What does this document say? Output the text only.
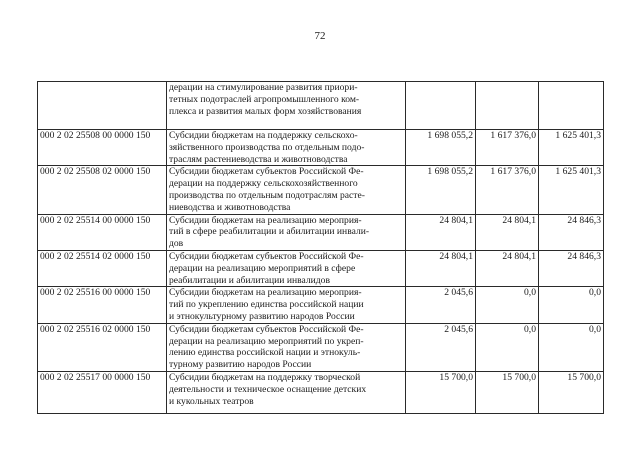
72
	дерации на стимулирование развития приори-
тетных подотраслей агропромышленного ком-
плекса и развития малых форм хозяйствования			
000 2 02 25508 00 0000 150	Субсидии бюджетам на поддержку сельскохо-
зяйственного производства по отдельным подо-
траслям растениеводства и животноводства	1 698 055,2	1 617 376,0	1 625 401,3
000 2 02 25508 02 0000 150	Субсидии бюджетам субъектов Российской Фе-
дерации на поддержку сельскохозяйственного
производства по отдельным подотраслям расте-
ниеводства и животноводства	1 698 055,2	1 617 376,0	1 625 401,3
000 2 02 25514 00 0000 150	Субсидии бюджетам на реализацию мероприя-
тий в сфере реабилитации и абилитации инвали-
дов	24 804,1	24 804,1	24 846,3
000 2 02 25514 02 0000 150	Субсидии бюджетам субъектов Российской Фе-
дерации на реализацию мероприятий в сфере
реабилитации и абилитации инвалидов	24 804,1	24 804,1	24 846,3
000 2 02 25516 00 0000 150	Субсидии бюджетам на реализацию мероприя-
тий по укреплению единства российской нации
и этнокультурному развитию народов России	2 045,6	0,0	0,0
000 2 02 25516 02 0000 150	Субсидии бюджетам субъектов Российской Фе-
дерации на реализацию мероприятий по укреп-
лению единства российской нации и этнокуль-
турному развитию народов России	2 045,6	0,0	0,0
000 2 02 25517 00 0000 150	Субсидии бюджетам на поддержку творческой
деятельности и техническое оснащение детских
и кукольных театров	15 700,0	15 700,0	15 700,0
